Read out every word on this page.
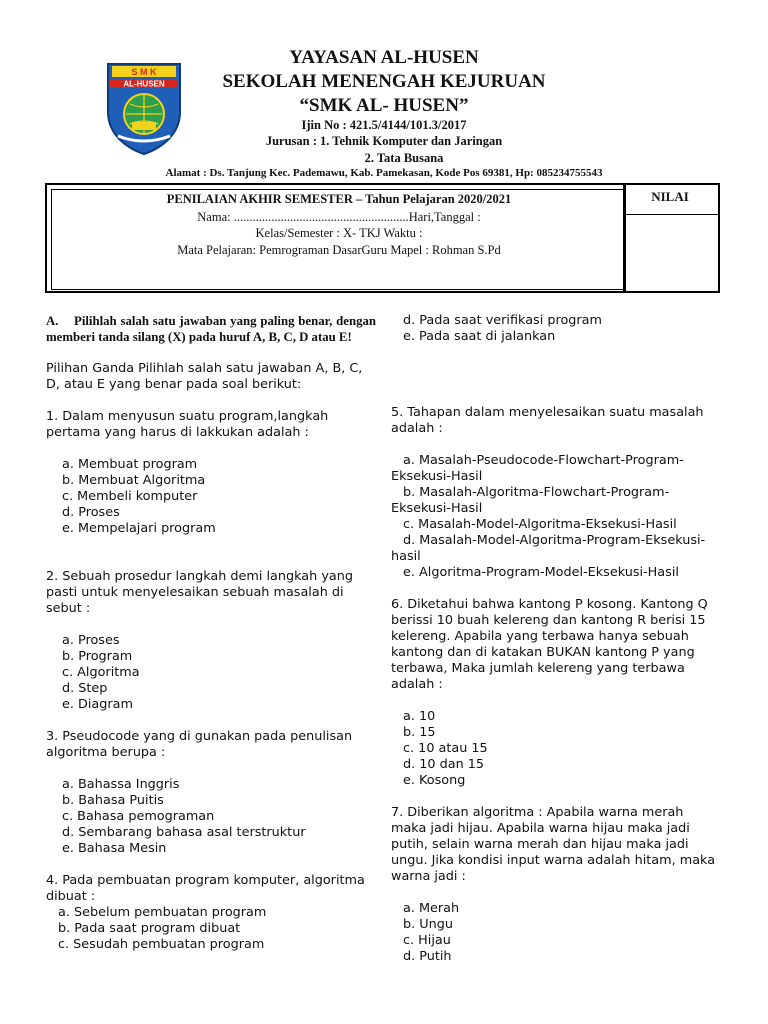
S M K
AL-HUSEN
YAYASAN AL-HUSEN
SEKOLAH MENENGAH KEJURUAN
“SMK AL- HUSEN”
Ijin No : 421.5/4144/101.3/2017
Jurusan : 1. Tehnik Komputer dan Jaringan
2. Tata Busana
Alamat : Ds. Tanjung Kec. Pademawu, Kab. Pamekasan, Kode Pos 69381, Hp: 085234755543
PENILAIAN AKHIR SEMESTER – Tahun Pelajaran 2020/2021
Nama: ........................................................Hari,Tanggal :
Kelas/Semester : X- TKJ Waktu :
Mata Pelajaran: Pemrograman DasarGuru Mapel : Rohman S.Pd
NILAI
A. Pilihlah salah satu jawaban yang paling benar, dengan memberi tanda silang (X) pada huruf A, B, C, D atau E!

Pilihan Ganda Pilihlah salah satu jawaban A, B, C, D, atau E yang benar pada soal berikut:

1. Dalam menyusun suatu program,langkah pertama yang harus di lakkukan adalah :

a. Membuat program

b. Membuat Algoritma

c. Membeli komputer

d. Proses

e. Mempelajari program

2. Sebuah prosedur langkah demi langkah yang pasti untuk menyelesaikan sebuah masalah di sebut :

a. Proses

b. Program

c. Algoritma

d. Step

e. Diagram

3. Pseudocode yang di gunakan pada penulisan algoritma berupa :

a. Bahassa Inggris

b. Bahasa Puitis

c. Bahasa pemograman

d. Sembarang bahasa asal terstruktur

e. Bahasa Mesin

4. Pada pembuatan program komputer, algoritma dibuat :

a. Sebelum pembuatan program

b. Pada saat program dibuat

c. Sesudah pembuatan program

d. Pada saat verifikasi program

e. Pada saat di jalankan

5. Tahapan dalam menyelesaikan suatu masalah adalah :

a. Masalah-Pseudocode-Flowchart-Program-Eksekusi-Hasil

b. Masalah-Algoritma-Flowchart-Program-Eksekusi-Hasil

c. Masalah-Model-Algoritma-Eksekusi-Hasil

d. Masalah-Model-Algoritma-Program-Eksekusi-hasil

e. Algoritma-Program-Model-Eksekusi-Hasil

6. Diketahui bahwa kantong P kosong. Kantong Q berissi 10 buah kelereng dan kantong R berisi 15 kelereng. Apabila yang terbawa hanya sebuah kantong dan di katakan BUKAN kantong P yang terbawa, Maka jumlah kelereng yang terbawa adalah :

a. 10

b. 15

c. 10 atau 15

d. 10 dan 15

e. Kosong

7. Diberikan algoritma : Apabila warna merah maka jadi hijau. Apabila warna hijau maka jadi putih, selain warna merah dan hijau maka jadi ungu. Jika kondisi input warna adalah hitam, maka warna jadi :

a. Merah

b. Ungu

c. Hijau

d. Putih
